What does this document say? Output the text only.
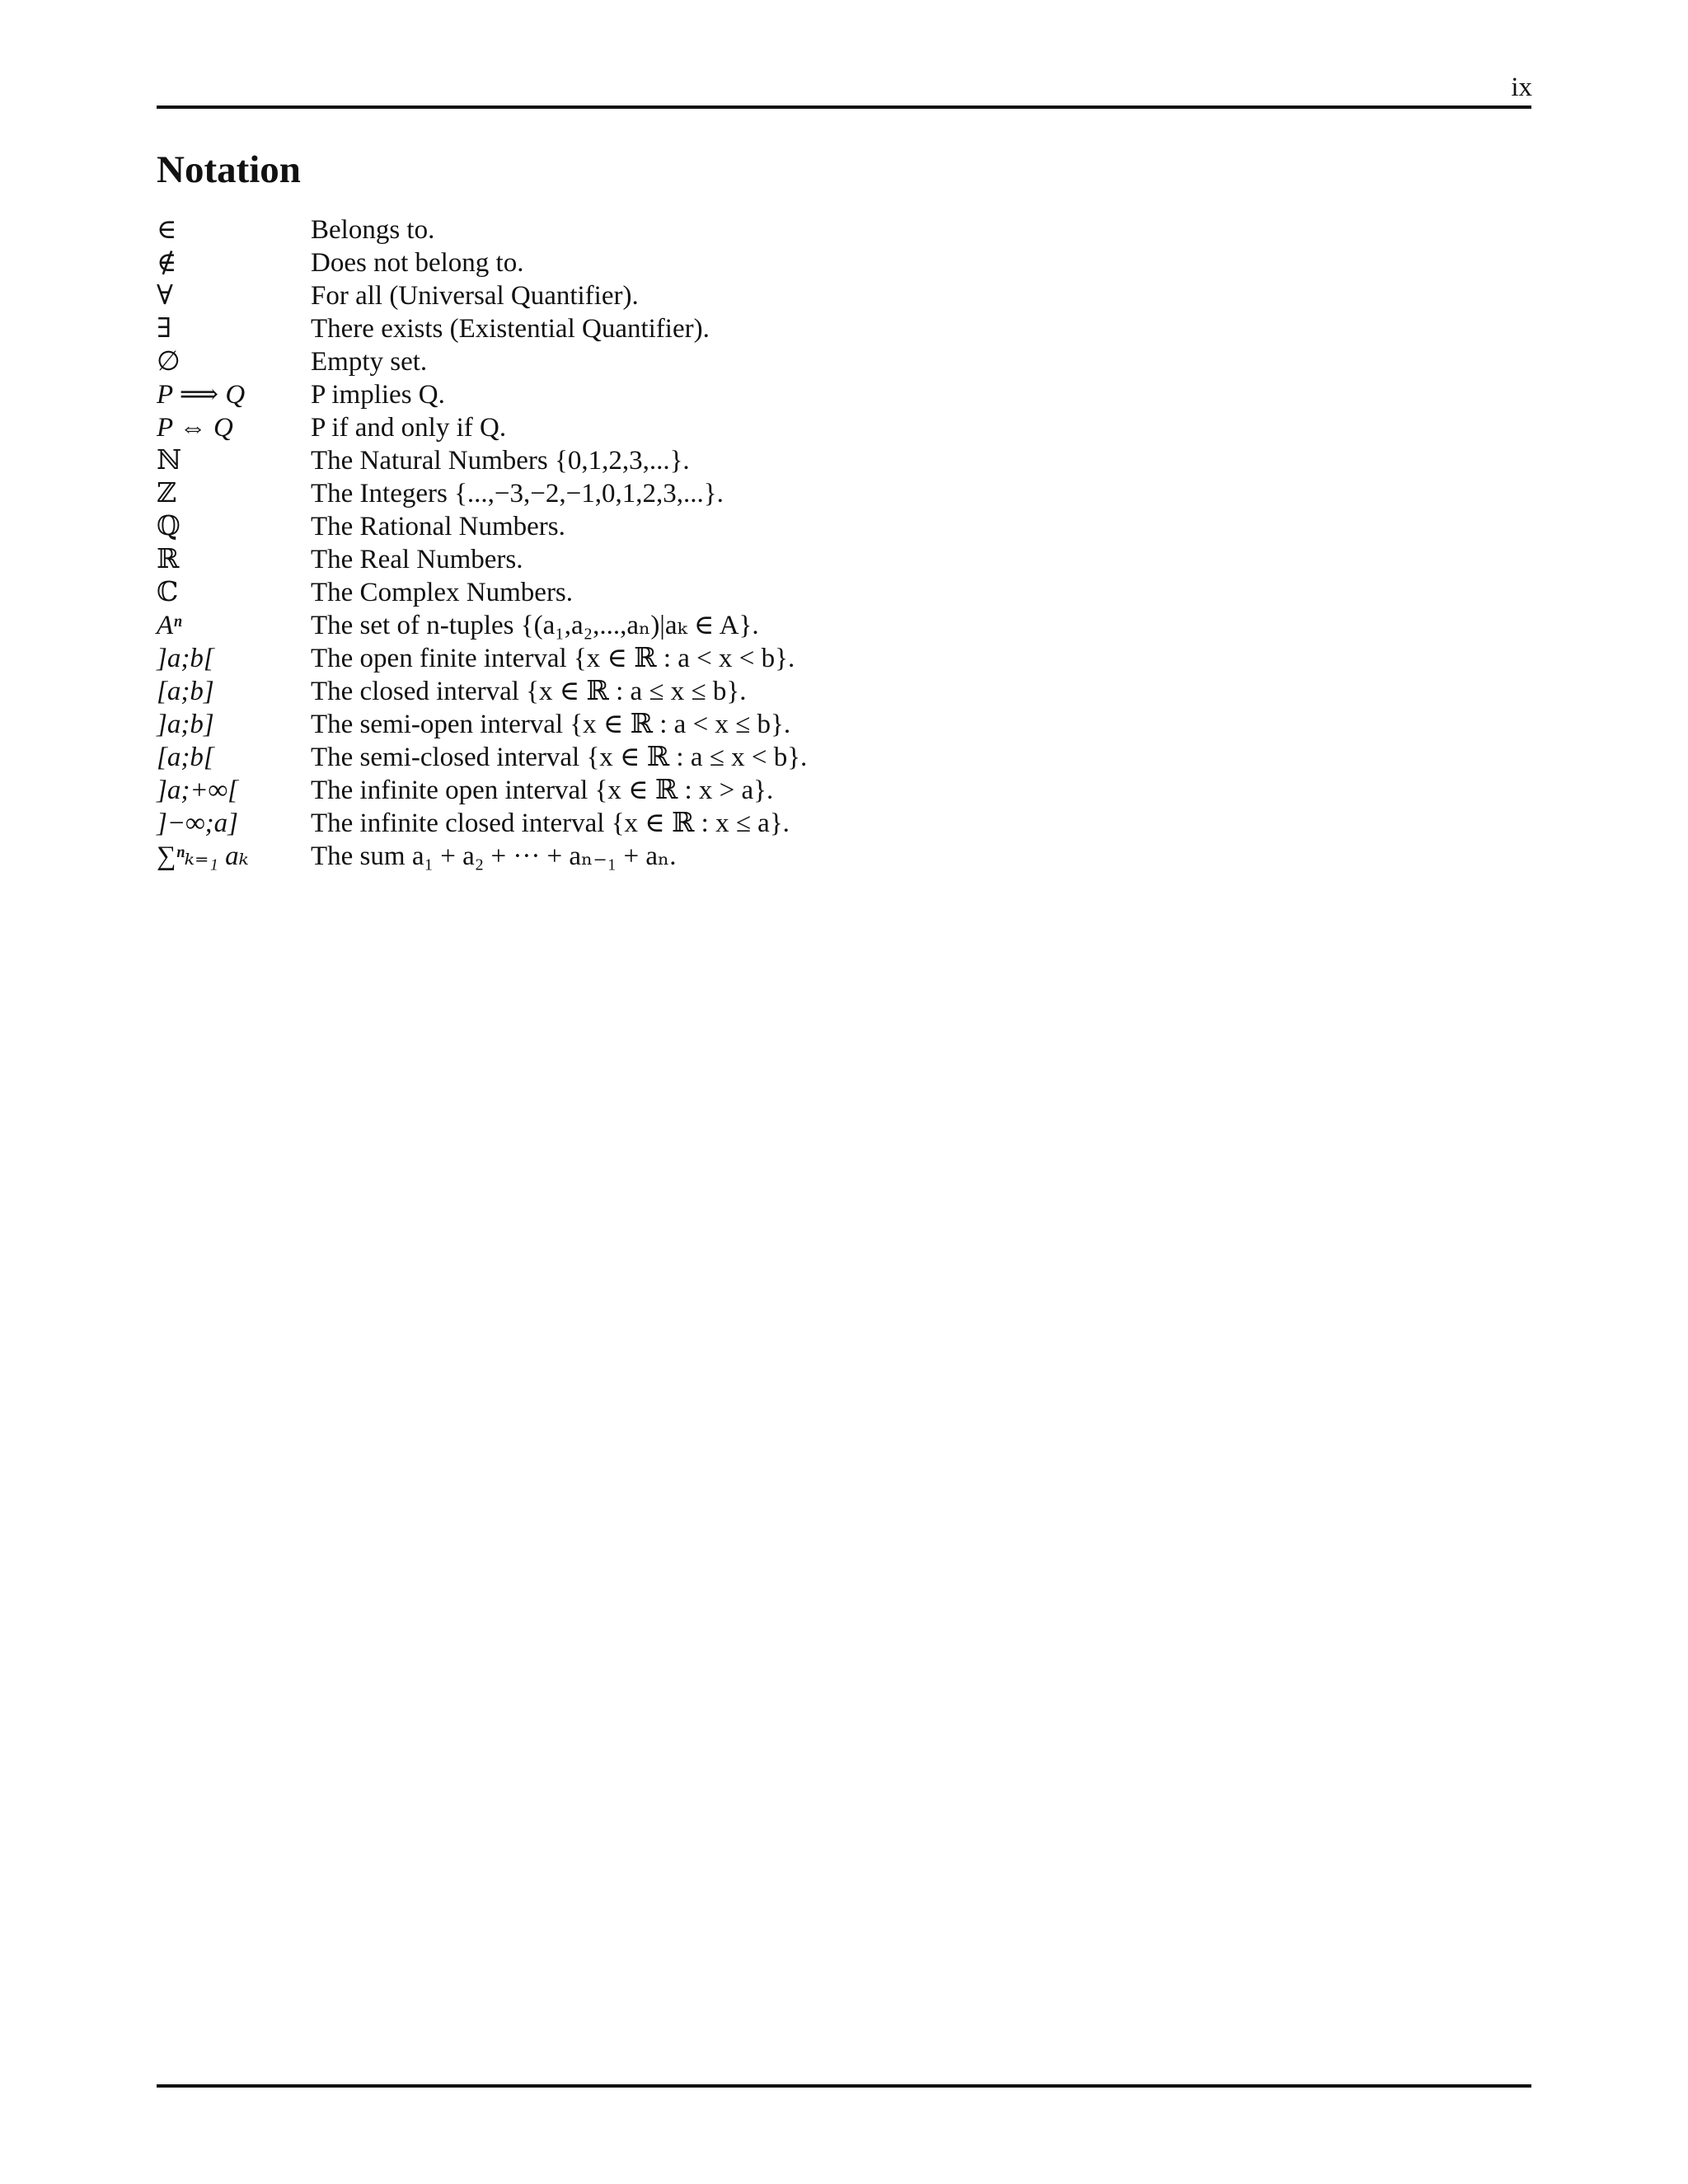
ix
Notation
∈	Belongs to.
∉	Does not belong to.
∀	For all (Universal Quantifier).
∃	There exists (Existential Quantifier).
∅	Empty set.
P ⟹ Q	P implies Q.
P ⇔ Q	P if and only if Q.
ℕ	The Natural Numbers {0,1,2,3,...}.
ℤ	The Integers {...,−3,−2,−1,0,1,2,3,...}.
ℚ	The Rational Numbers.
ℝ	The Real Numbers.
ℂ	The Complex Numbers.
Aⁿ	The set of n-tuples {(a₁,a₂,...,aₙ)|aₖ ∈ A}.
]a;b[	The open finite interval {x ∈ ℝ : a < x < b}.
[a;b]	The closed interval {x ∈ ℝ : a ≤ x ≤ b}.
]a;b]	The semi-open interval {x ∈ ℝ : a < x ≤ b}.
[a;b[	The semi-closed interval {x ∈ ℝ : a ≤ x < b}.
]a;+∞[	The infinite open interval {x ∈ ℝ : x > a}.
]−∞;a]	The infinite closed interval {x ∈ ℝ : x ≤ a}.
∑ⁿₖ₌₁ aₖ	The sum a₁ + a₂ + ··· + aₙ₋₁ + aₙ.
